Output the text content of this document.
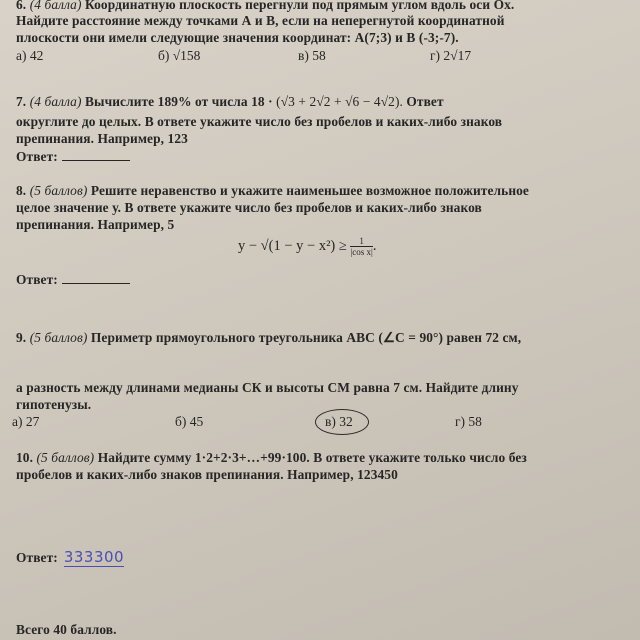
6. (4 балла) Координатную плоскость перегнули под прямым углом вдоль оси Ох.
Найдите расстояние между точками А и В, если на неперегнутой координатной
плоскости они имели следующие значения координат: А(7;3) и В (-3;-7).
а) 42	б) √158	в) 58	г) 2√17
7. (4 балла) Вычислите 189% от числа 18 · (√3 + 2√2 + √6 − 4√2). Ответ
округлите до целых. В ответе укажите число без пробелов и каких-либо знаков
препинания. Например, 123
Ответ:
8. (5 баллов) Решите неравенство и укажите наименьшее возможное положительное
целое значение у. В ответе укажите число без пробелов и каких-либо знаков
препинания. Например, 5
$y - √(1 - y - x^2) \ge \frac{1}{\text{|cos x|}}$.
Ответ:
9. (5 баллов) Периметр прямоугольного треугольника АВС (∠С = 90°) равен 72 см,
а разность между длинами медианы СК и высоты СМ равна 7 см. Найдите длину
гипотенузы.
а) 27	б) 45	в) 32	г) 58
10. (5 баллов) Найдите сумму 1·2+2·3+…+99·100. В ответе укажите только число без
пробелов и каких-либо знаков препинания. Например, 123450
Ответ: 333300
Всего 40 баллов.
